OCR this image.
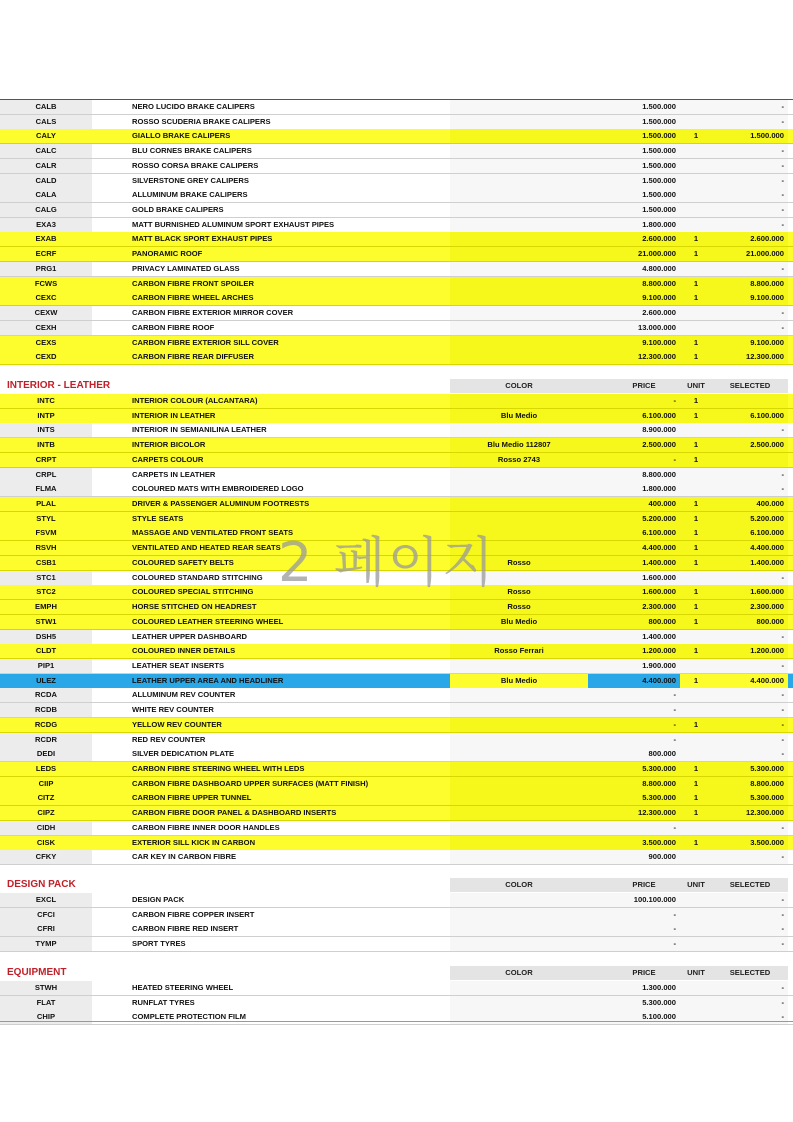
CALB	NERO LUCIDO BRAKE CALIPERS	1.500.000	-
CALS	ROSSO SCUDERIA BRAKE CALIPERS	1.500.000	-
CALY	GIALLO BRAKE CALIPERS	1.500.000	1	1.500.000
CALC	BLU CORNES BRAKE CALIPERS	1.500.000	-
CALR	ROSSO CORSA BRAKE CALIPERS	1.500.000	-
CALD	SILVERSTONE GREY CALIPERS	1.500.000	-
CALA	ALLUMINUM BRAKE CALIPERS	1.500.000	-
CALG	GOLD BRAKE CALIPERS	1.500.000	-
EXA3	MATT BURNISHED ALUMINUM SPORT EXHAUST PIPES	1.800.000	-
EXAB	MATT BLACK SPORT EXHAUST PIPES	2.600.000	1	2.600.000
ECRF	PANORAMIC ROOF	21.000.000	1	21.000.000
PRG1	PRIVACY LAMINATED GLASS	4.800.000	-
FCWS	CARBON FIBRE FRONT SPOILER	8.800.000	1	8.800.000
CEXC	CARBON FIBRE WHEEL ARCHES	9.100.000	1	9.100.000
CEXW	CARBON FIBRE EXTERIOR MIRROR COVER	2.600.000	-
CEXH	CARBON FIBRE ROOF	13.000.000	-
CEXS	CARBON FIBRE EXTERIOR SILL COVER	9.100.000	1	9.100.000
CEXD	CARBON FIBRE REAR DIFFUSER	12.300.000	1	12.300.000
INTERIOR - LEATHER	COLOR	PRICE	UNIT	SELECTED
INTC	INTERIOR COLOUR (ALCANTARA)	-	1
INTP	INTERIOR IN LEATHER	Blu Medio	6.100.000	1	6.100.000
INTS	INTERIOR IN SEMIANILINA LEATHER	8.900.000	-
INTB	INTERIOR BICOLOR	Blu Medio 112807	2.500.000	1	2.500.000
CRPT	CARPETS COLOUR	Rosso 2743	-	1
CRPL	CARPETS IN LEATHER	8.800.000	-
FLMA	COLOURED MATS WITH EMBROIDERED LOGO	1.800.000	-
PLAL	DRIVER & PASSENGER ALUMINUM FOOTRESTS	400.000	1	400.000
STYL	STYLE SEATS	5.200.000	1	5.200.000
FSVM	MASSAGE AND VENTILATED FRONT SEATS	6.100.000	1	6.100.000
RSVH	VENTILATED AND HEATED REAR SEATS	4.400.000	1	4.400.000
CSB1	COLOURED SAFETY BELTS	Rosso	1.400.000	1	1.400.000
STC1	COLOURED STANDARD STITCHING	1.600.000	-
STC2	COLOURED SPECIAL STITCHING	Rosso	1.600.000	1	1.600.000
EMPH	HORSE STITCHED ON HEADREST	Rosso	2.300.000	1	2.300.000
STW1	COLOURED LEATHER STEERING WHEEL	Blu Medio	800.000	1	800.000
DSH5	LEATHER UPPER DASHBOARD	1.400.000	-
CLDT	COLOURED INNER DETAILS	Rosso Ferrari	1.200.000	1	1.200.000
PIP1	LEATHER SEAT INSERTS	1.900.000	-
ULEZ	LEATHER UPPER AREA AND HEADLINER	Blu Medio	4.400.000	1	4.400.000
RCDA	ALLUMINUM REV COUNTER	-	-
RCDB	WHITE REV COUNTER	-	-
RCDG	YELLOW REV COUNTER	-	1	-
RCDR	RED REV COUNTER	-	-
DEDI	SILVER DEDICATION PLATE	800.000	-
LEDS	CARBON FIBRE STEERING WHEEL WITH LEDS	5.300.000	1	5.300.000
CIIP	CARBON FIBRE DASHBOARD UPPER SURFACES (MATT FINISH)	8.800.000	1	8.800.000
CITZ	CARBON FIBRE UPPER TUNNEL	5.300.000	1	5.300.000
CIPZ	CARBON FIBRE DOOR PANEL & DASHBOARD INSERTS	12.300.000	1	12.300.000
CIDH	CARBON FIBRE INNER DOOR HANDLES	-	-
CISK	EXTERIOR SILL KICK IN CARBON	3.500.000	1	3.500.000
CFKY	CAR KEY IN CARBON FIBRE	900.000	-
DESIGN PACK	COLOR	PRICE	UNIT	SELECTED
EXCL	DESIGN PACK	100.100.000	-
CFCI	CARBON FIBRE COPPER INSERT	-	-
CFRI	CARBON FIBRE RED INSERT	-	-
TYMP	SPORT TYRES	-	-
EQUIPMENT	COLOR	PRICE	UNIT	SELECTED
STWH	HEATED STEERING WHEEL	1.300.000	-
FLAT	RUNFLAT TYRES	5.300.000	-
CHIP	COMPLETE PROTECTION FILM	5.100.000	-
2 페이지
